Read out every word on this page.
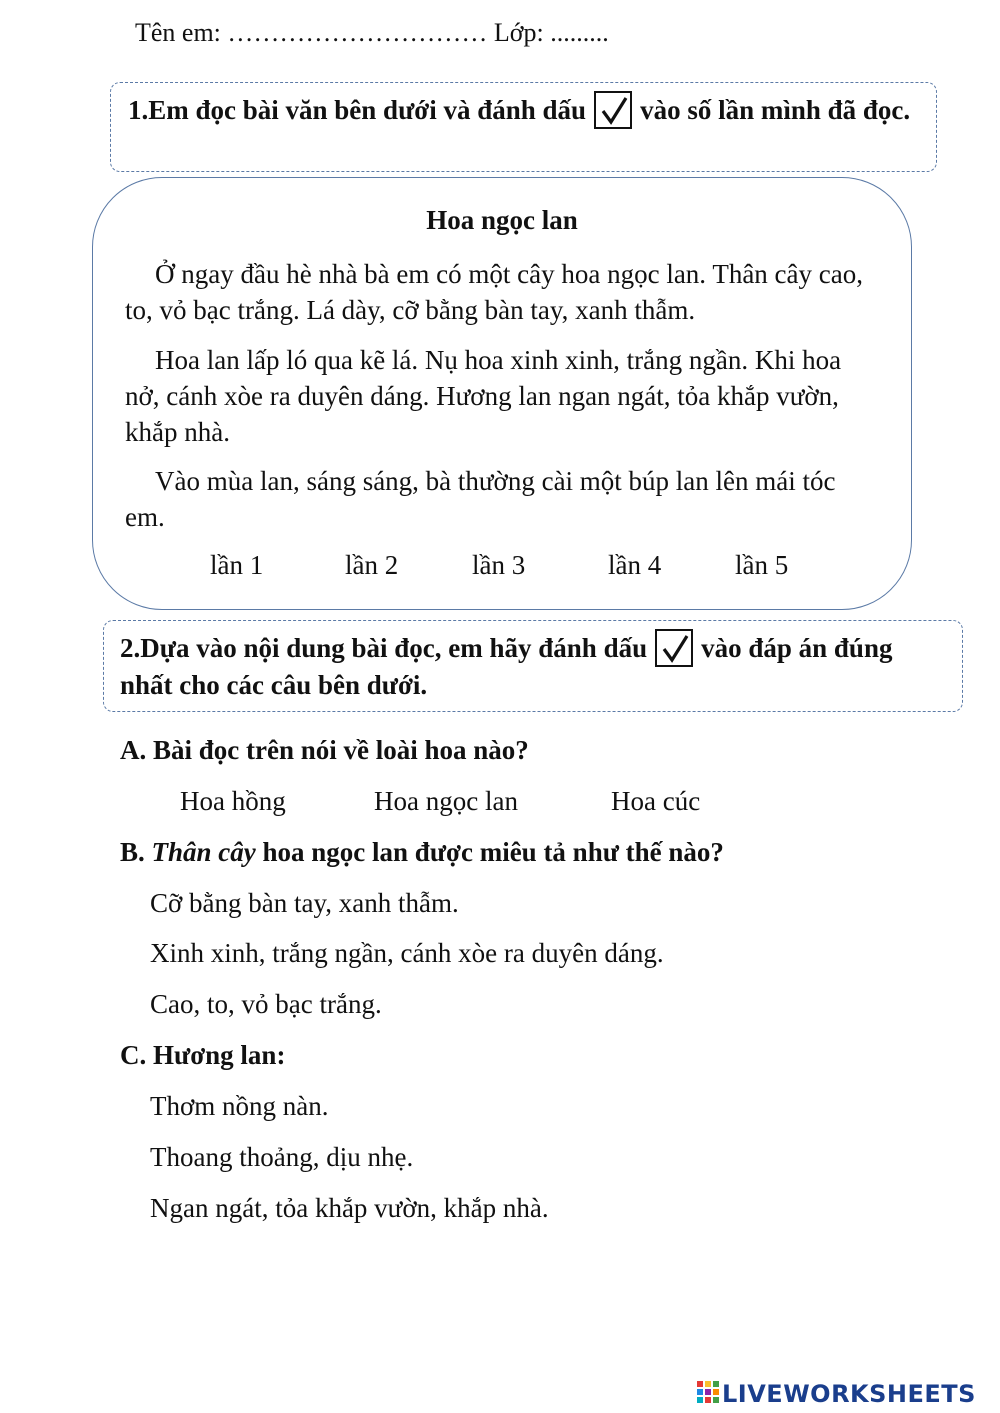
Tên em: ………………………… Lớp: .........
1.Em đọc bài văn bên dưới và đánh dấu vào số lần mình đã đọc.
Hoa ngọc lan
Ở ngay đầu hè nhà bà em có một cây hoa ngọc lan. Thân cây cao, to, vỏ bạc trắng. Lá dày, cỡ bằng bàn tay, xanh thẫm.
Hoa lan lấp ló qua kẽ lá. Nụ hoa xinh xinh, trắng ngần. Khi hoa nở, cánh xòe ra duyên dáng. Hương lan ngan ngát, tỏa khắp vườn, khắp nhà.
Vào mùa lan, sáng sáng, bà thường cài một búp lan lên mái tóc em.
lần 1	lần 2	lần 3	lần 4	lần 5
2.Dựa vào nội dung bài đọc, em hãy đánh dấu vào đáp án đúng nhất cho các câu bên dưới.
A. Bài đọc trên nói về loài hoa nào?
Hoa hồng	Hoa ngọc lan	Hoa cúc
B. Thân cây hoa ngọc lan được miêu tả như thế nào?
Cỡ bằng bàn tay, xanh thẫm.
Xinh xinh, trắng ngần, cánh xòe ra duyên dáng.
Cao, to, vỏ bạc trắng.
C. Hương lan:
Thơm nồng nàn.
Thoang thoảng, dịu nhẹ.
Ngan ngát, tỏa khắp vườn, khắp nhà.
LIVEWORKSHEETS
